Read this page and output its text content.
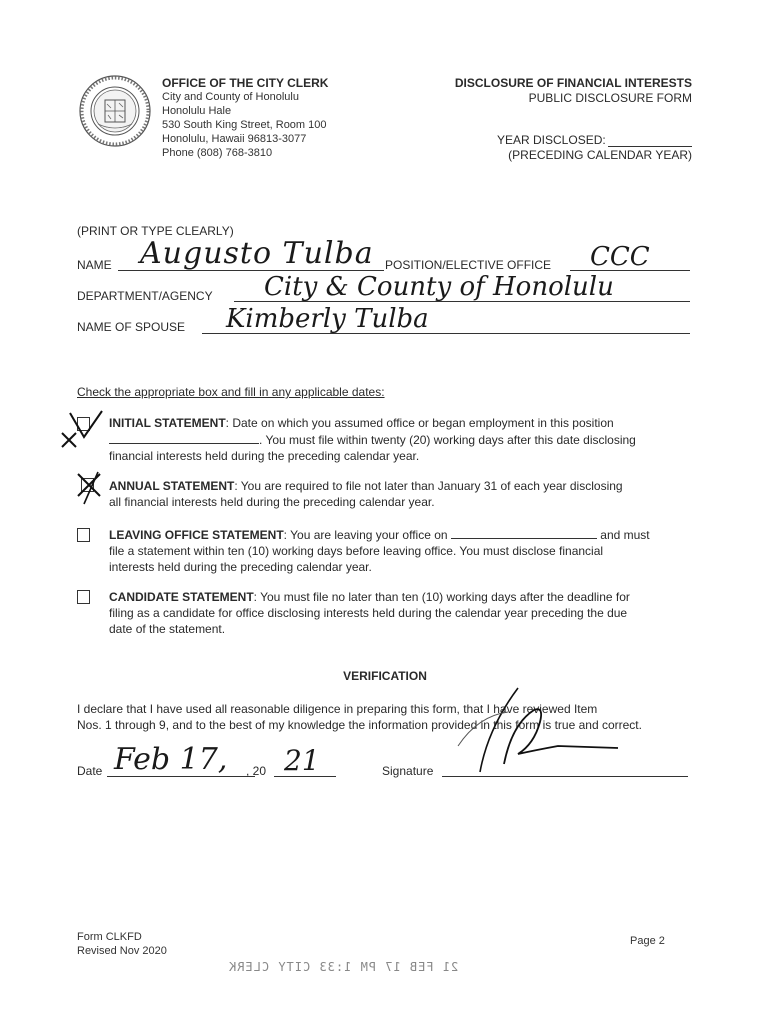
OFFICE OF THE CITY CLERK
City and County of Honolulu
Honolulu Hale
530 South King Street, Room 100
Honolulu, Hawaii 96813-3077
Phone (808) 768-3810
DISCLOSURE OF FINANCIAL INTERESTS
PUBLIC DISCLOSURE FORM
YEAR DISCLOSED:
(PRECEDING CALENDAR YEAR)
(PRINT OR TYPE CLEARLY)
NAME Augusto Tulba POSITION/ELECTIVE OFFICE CCC
DEPARTMENT/AGENCY City & County of Honolulu
NAME OF SPOUSE Kimberly Tulba
Check the appropriate box and fill in any applicable dates:
INITIAL STATEMENT: Date on which you assumed office or began employment in this position
. You must file within twenty (20) working days after this date disclosing
financial interests held during the preceding calendar year.
ANNUAL STATEMENT: You are required to file not later than January 31 of each year disclosing
all financial interests held during the preceding calendar year.
LEAVING OFFICE STATEMENT: You are leaving your office on	and must
file a statement within ten (10) working days before leaving office. You must disclose financial
interests held during the preceding calendar year.
CANDIDATE STATEMENT: You must file no later than ten (10) working days after the deadline for
filing as a candidate for office disclosing interests held during the calendar year preceding the due
date of the statement.
VERIFICATION
I declare that I have used all reasonable diligence in preparing this form, that I have reviewed Item
Nos. 1 through 9, and to the best of my knowledge the information provided in this form is true and correct.
Date Feb 17, , 20 21	Signature
Form CLKFD
Revised Nov 2020
Page 2
21 FEB 17 PM 1:33 CITY CLERK
